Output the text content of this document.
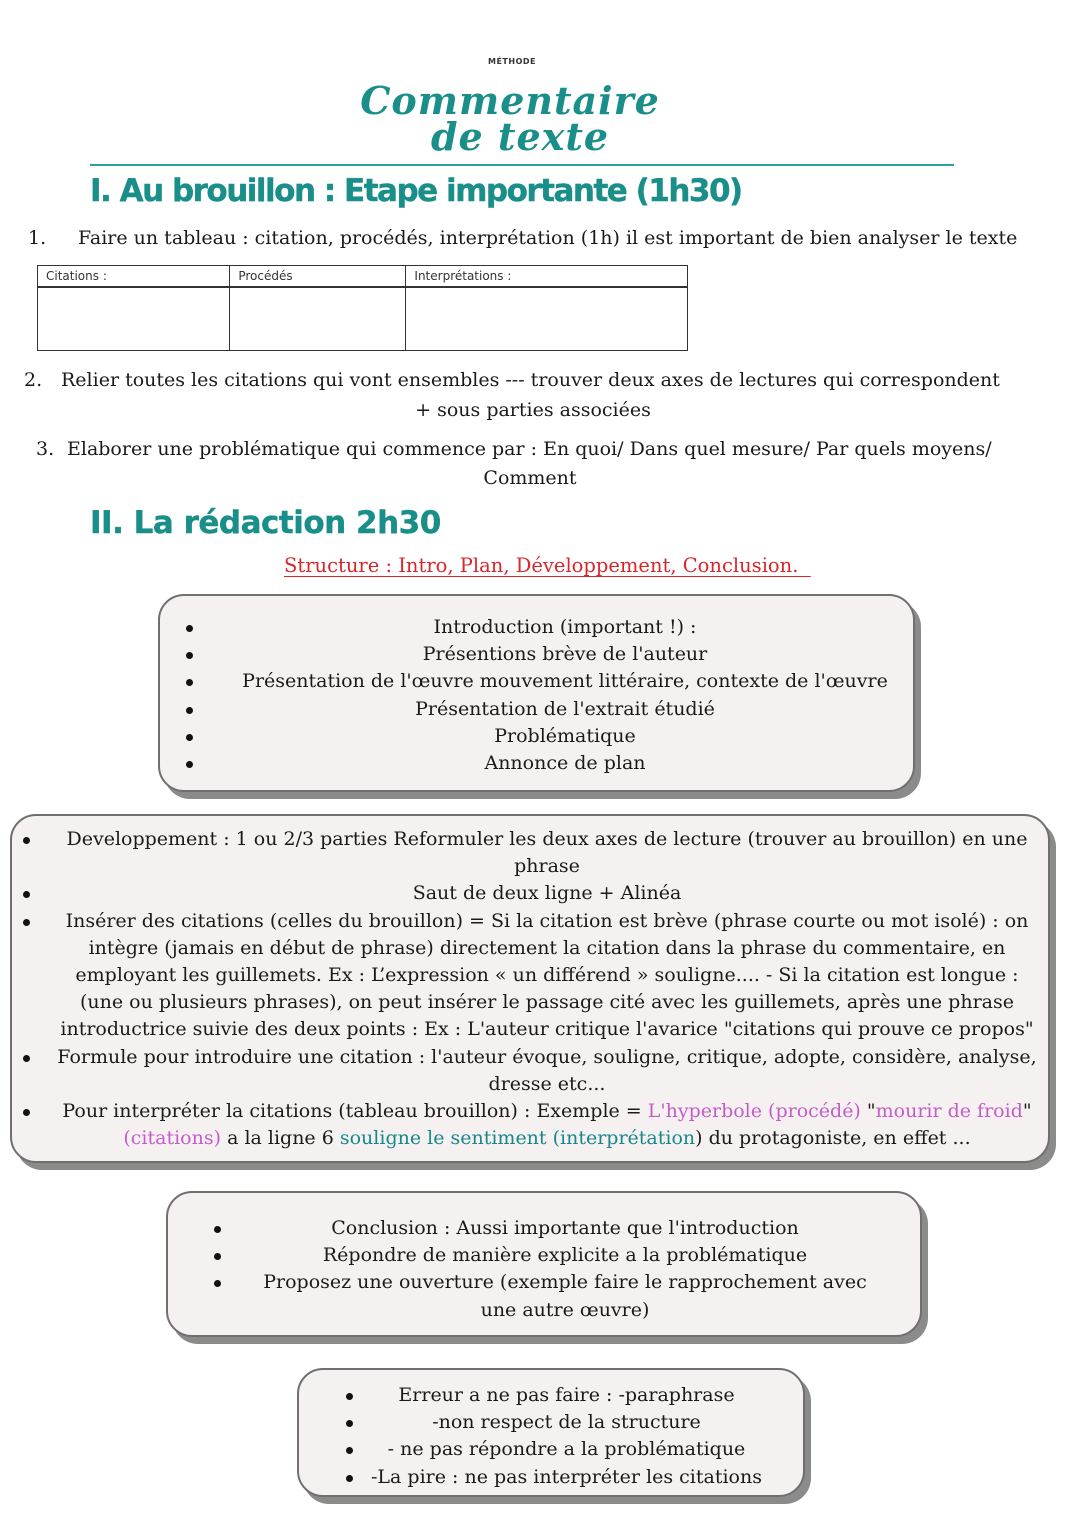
MÉTHODE
Commentaire
de texte
I. Au brouillon : Etape importante (1h30)
1. Faire un tableau : citation, procédés, interprétation (1h) il est important de bien analyser le texte
Citations :	Procédés	Interprétations :

2. Relier toutes les citations qui vont ensembles --- trouver deux axes de lectures qui correspondent
+ sous parties associées
3. Elaborer une problématique qui commence par : En quoi/ Dans quel mesure/ Par quels moyens/
Comment
II. La rédaction 2h30
Structure : Intro, Plan, Développement, Conclusion.
Introduction (important !) :
Présentions brève de l'auteur
Présentation de l'œuvre mouvement littéraire, contexte de l'œuvre
Présentation de l'extrait étudié
Problématique
Annonce de plan
Developpement : 1 ou 2/3 parties Reformuler les deux axes de lecture (trouver au brouillon) en une phrase
Saut de deux ligne + Alinéa
Insérer des citations (celles du brouillon) = Si la citation est brève (phrase courte ou mot isolé) : on intègre (jamais en début de phrase) directement la citation dans la phrase du commentaire, en employant les guillemets. Ex : L’expression « un différend » souligne.... - Si la citation est longue : (une ou plusieurs phrases), on peut insérer le passage cité avec les guillemets, après une phrase introductrice suivie des deux points : Ex : L'auteur critique l'avarice "citations qui prouve ce propos"
Formule pour introduire une citation : l'auteur évoque, souligne, critique, adopte, considère, analyse, dresse etc...
Pour interpréter la citations (tableau brouillon) : Exemple = L'hyperbole (procédé) "mourir de froid" (citations) a la ligne 6 souligne le sentiment (interprétation) du protagoniste, en effet ...
Conclusion : Aussi importante que l'introduction
Répondre de manière explicite a la problématique
Proposez une ouverture (exemple faire le rapprochement avec une autre œuvre)
Erreur a ne pas faire : -paraphrase
-non respect de la structure
- ne pas répondre a la problématique
-La pire : ne pas interpréter les citations
